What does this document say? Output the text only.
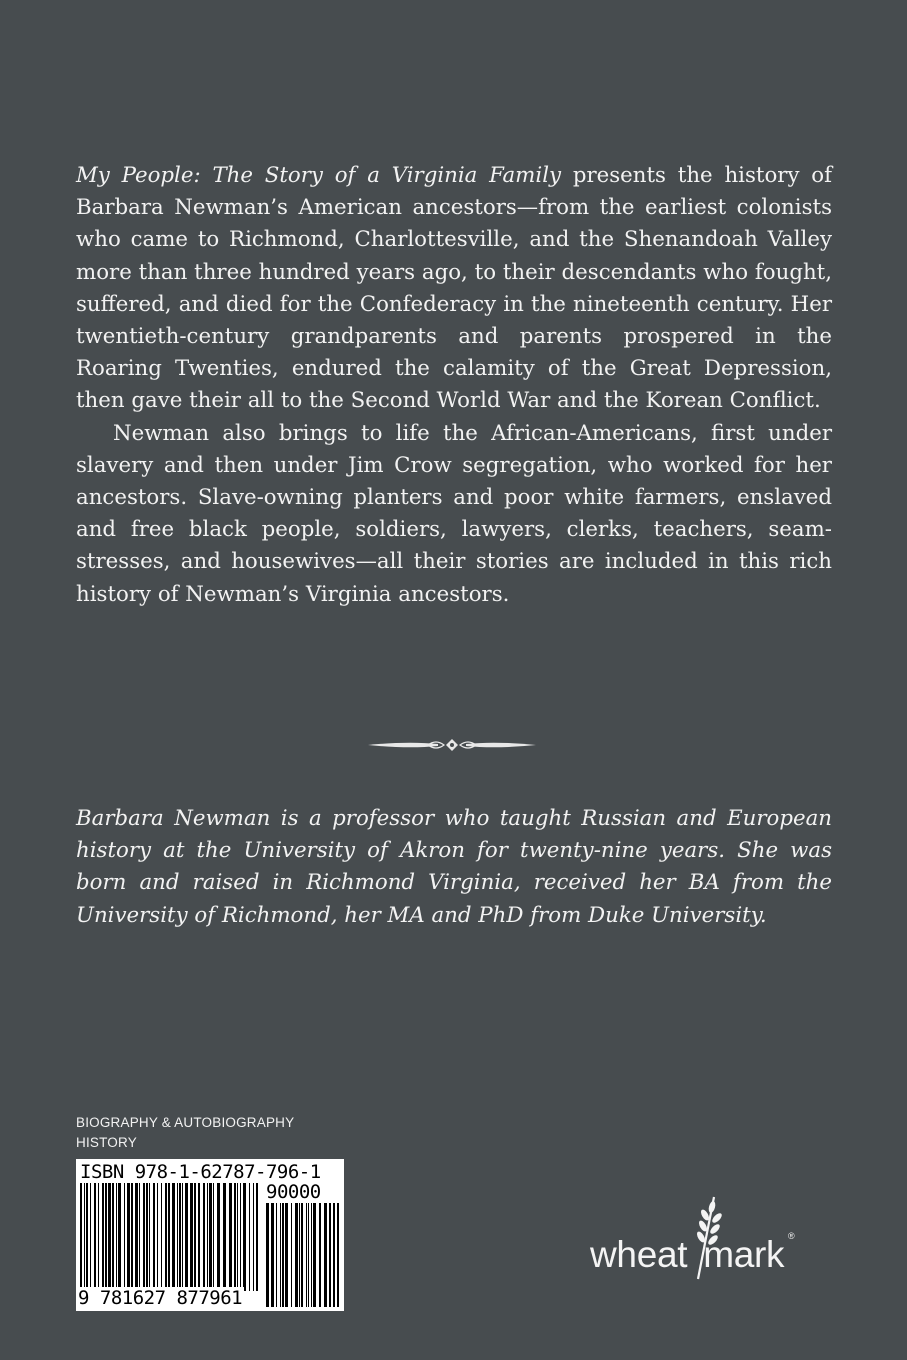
My People: The Story of a Virginia Family presents the history of Barbara Newman’s American ancestors—from the earliest colonists who came to Richmond, Charlottesville, and the Shenandoah Valley more than three hundred years ago, to their descendants who fought, suffered, and died for the Confederacy in the nineteenth century. Her twentieth-century grandparents and parents prospered in the Roaring Twenties, endured the calamity of the Great Depression, then gave their all to the Second World War and the Korean Conflict.

Newman also brings to life the African-Americans, first under slavery and then under Jim Crow segregation, who worked for her ancestors. Slave-owning planters and poor white farmers, enslaved and free black people, soldiers, lawyers, clerks, teachers, seamstresses, and housewives—all their stories are included in this rich history of Newman’s Virginia ancestors.

Barbara Newman is a professor who taught Russian and European history at the University of Akron for twenty-nine years. She was born and raised in Richmond Virginia, received her BA from the University of Richmond, her MA and PhD from Duke University.

BIOGRAPHY & AUTOBIOGRAPHY
HISTORY
ISBN 978-1-62787-796-1
90000
9 781627 877961
wheat mark ®
